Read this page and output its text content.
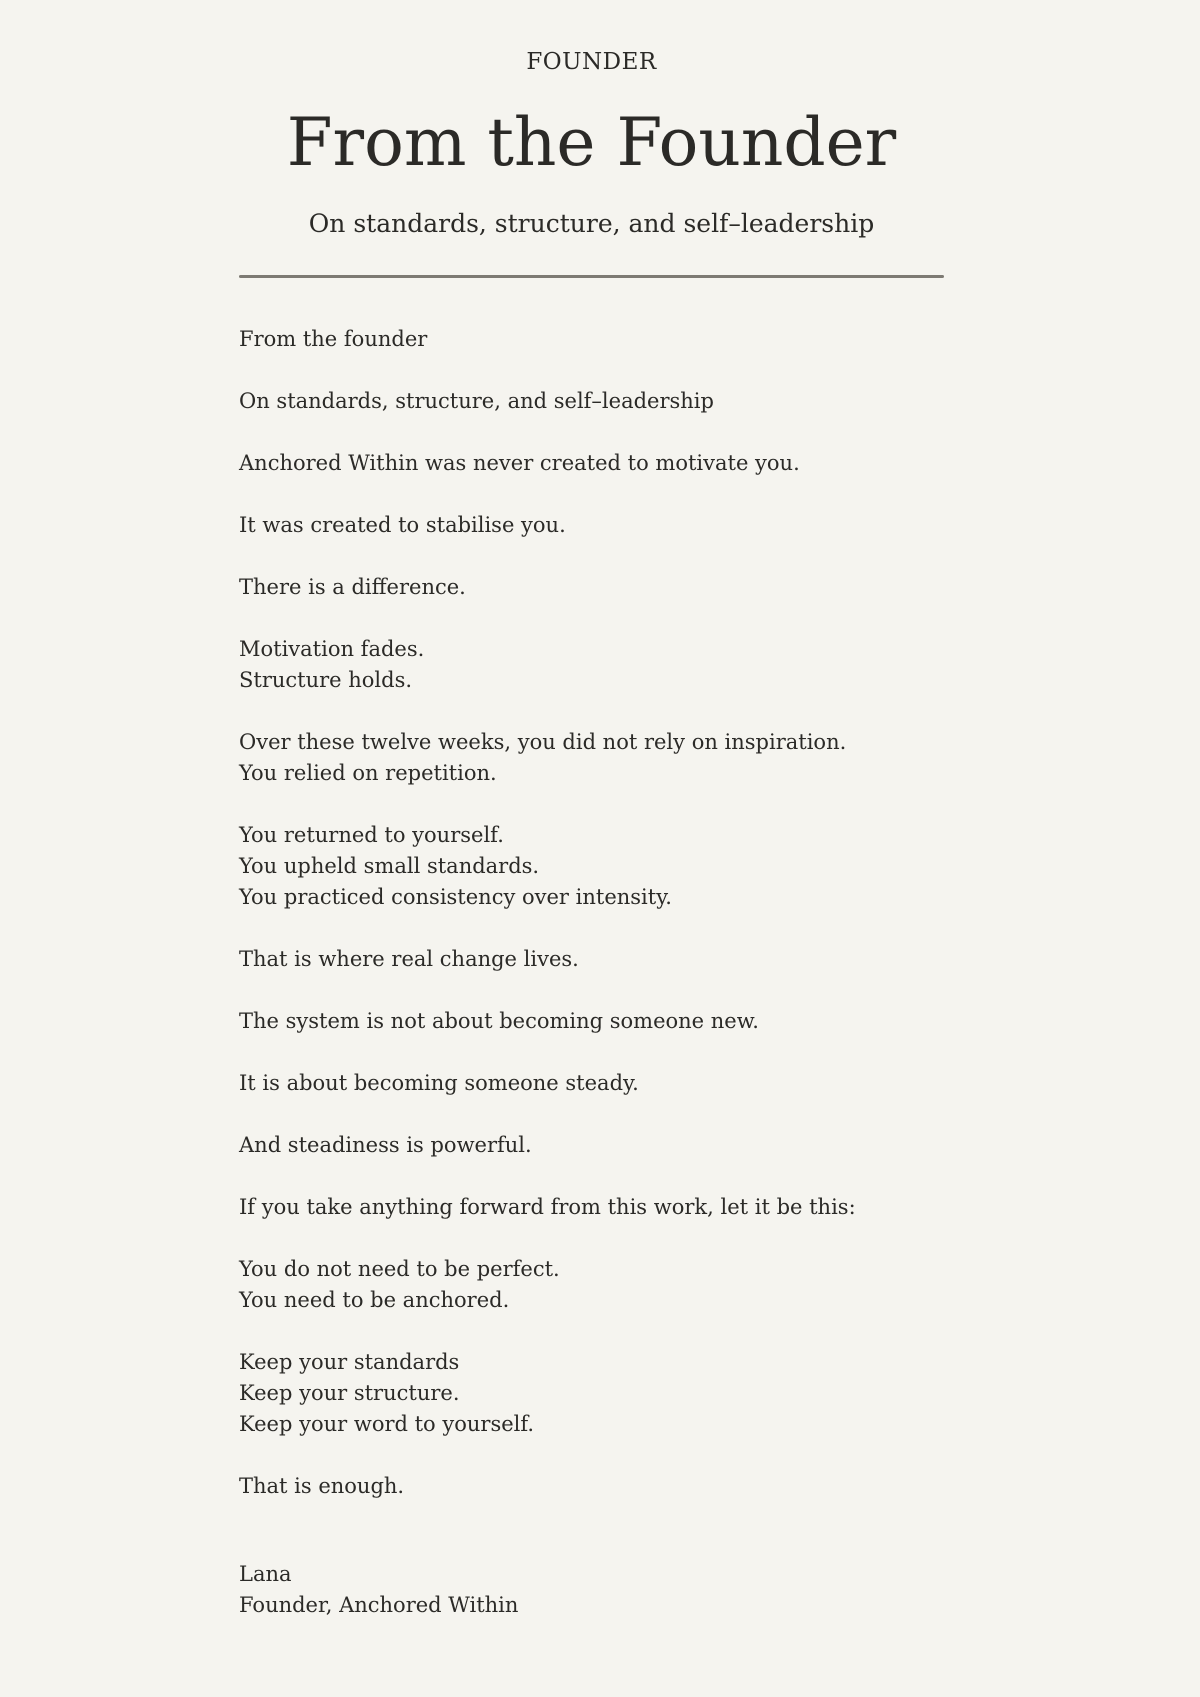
FOUNDER
From the Founder
On standards, structure, and self–leadership

From the founder

On standards, structure, and self–leadership

Anchored Within was never created to motivate you.

It was created to stabilise you.

There is a difference.

Motivation fades.
Structure holds.

Over these twelve weeks, you did not rely on inspiration.
You relied on repetition.

You returned to yourself.
You upheld small standards.
You practiced consistency over intensity.

That is where real change lives.

The system is not about becoming someone new.

It is about becoming someone steady.

And steadiness is powerful.

If you take anything forward from this work, let it be this:

You do not need to be perfect.
You need to be anchored.

Keep your standards
Keep your structure.
Keep your word to yourself.

That is enough.

Lana
Founder, Anchored Within
